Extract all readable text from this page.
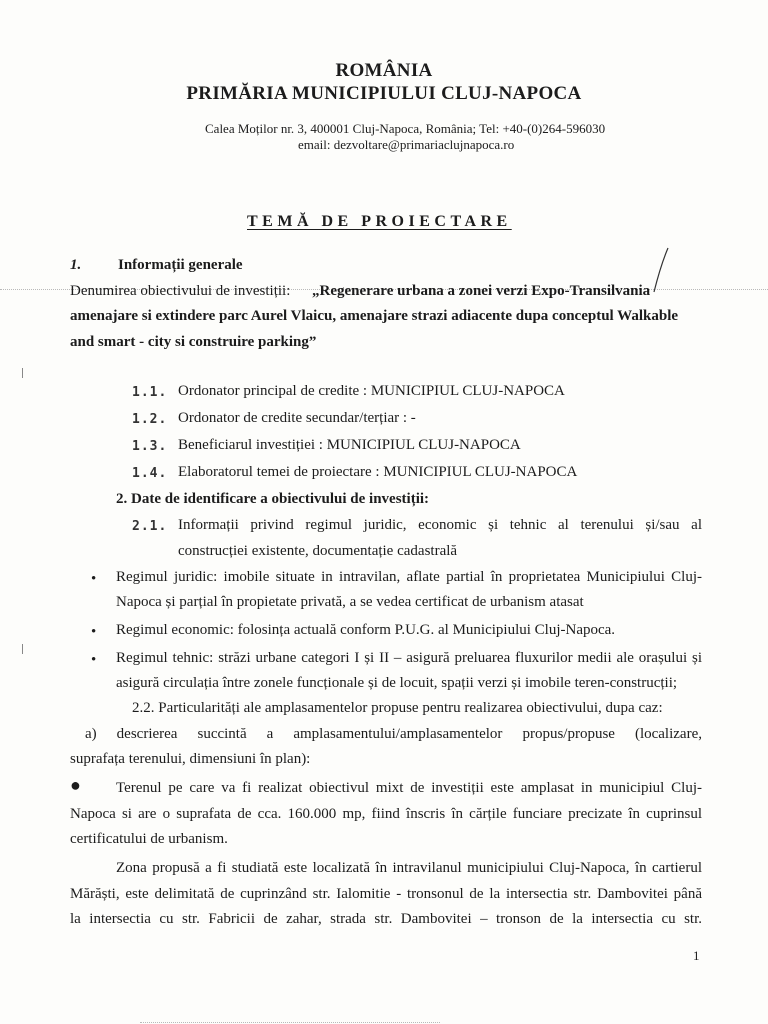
ROMÂNIA
PRIMĂRIA MUNICIPIULUI CLUJ-NAPOCA
Calea Moților nr. 3, 400001 Cluj-Napoca, România; Tel: +40-(0)264-596030
email: dezvoltare@primariaclujnapoca.ro
TEMĂ DE PROIECTARE
1. Informații generale
Denumirea obiectivului de investiții: „Regenerare urbana a zonei verzi Expo-Transilvania
amenajare si extindere parc Aurel Vlaicu, amenajare strazi adiacente dupa conceptul Walkable
and smart - city si construire parking”
1.1. Ordonator principal de credite : MUNICIPIUL CLUJ-NAPOCA
1.2. Ordonator de credite secundar/terțiar : -
1.3. Beneficiarul investiției : MUNICIPIUL CLUJ-NAPOCA
1.4. Elaboratorul temei de proiectare : MUNICIPIUL CLUJ-NAPOCA
2. Date de identificare a obiectivului de investiții:
2.1. Informații privind regimul juridic, economic și tehnic al terenului și/sau al
construcției existente, documentație cadastrală
• Regimul juridic: imobile situate in intravilan, aflate partial în proprietatea Municipiului Cluj-
Napoca și parțial în propietate privată, a se vedea certificat de urbanism atasat
• Regimul economic: folosința actuală conform P.U.G. al Municipiului Cluj-Napoca.
• Regimul tehnic: străzi urbane categori I și II – asigură preluarea fluxurilor medii ale orașului și
asigură circulația între zonele funcționale și de locuit, spații verzi și imobile teren-construcții;
2.2. Particularități ale amplasamentelor propuse pentru realizarea obiectivului, dupa caz:
a) descrierea succintă a amplasamentului/amplasamentelor propus/propuse (localizare,
suprafața terenului, dimensiuni în plan):
● Terenul pe care va fi realizat obiectivul mixt de investiții este amplasat in municipiul Cluj-
Napoca si are o suprafata de cca. 160.000 mp, fiind înscris în cărțile funciare precizate în cuprinsul
certificatului de urbanism.
Zona propusă a fi studiată este localizată în intravilanul municipiului Cluj-Napoca, în cartierul
Mărăști, este delimitată de cuprinzând str. Ialomitie - tronsonul de la intersectia str. Dambovitei până
la intersectia cu str. Fabricii de zahar, strada str. Dambovitei – tronson de la intersectia cu str.
1
